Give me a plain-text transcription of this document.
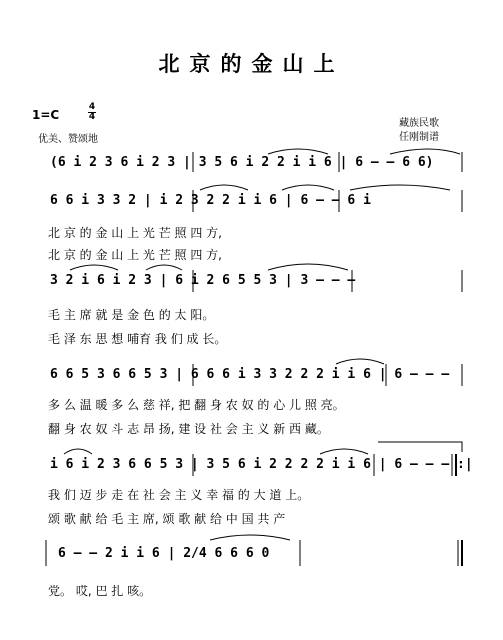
北京的金山上
1=C
4
4
优美、赞颂地
藏族民歌
任刚制谱
(6 i 2 3 6 i 2 3 | 3 5 6 i 2 2 i i 6 | 6 – – 6 6)
6 6 i 3 3 2 | i 2 3 2 2 i i 6 | 6 – – 6 i
北 京 的 金 山 上 光 芒 照 四 方,
北 京 的 金 山 上 光 芒 照 四 方,
3 2 i 6 i 2 3 | 6 i 2 6 5 5 3 | 3 – – –
毛 主 席 就 是 金 色 的 太 阳。
毛 泽 东 思 想 哺育 我 们 成 长。
6 6 5 3 6 6 5 3 | 6 6 6 i 3 3 2 2 2 i i 6 | 6 – – –
多 么 温 暖 多 么 慈 祥, 把 翻 身 农 奴 的 心 儿 照 亮。
翻 身 农 奴 斗 志 昂 扬, 建 设 社 会 主 义 新 西 藏。
i 6 i 2 3 6 6 5 3 | 3 5 6 i 2 2 2 2 i i 6 | 6 – – – :|
我 们 迈 步 走 在 社 会 主 义 幸 福 的 大 道 上。
颂 歌 献 给 毛 主 席, 颂 歌 献 给 中 国 共 产
6 – – 2 i i 6 | 2/4 6 6 6 0
党。 哎, 巴 扎 咳。
